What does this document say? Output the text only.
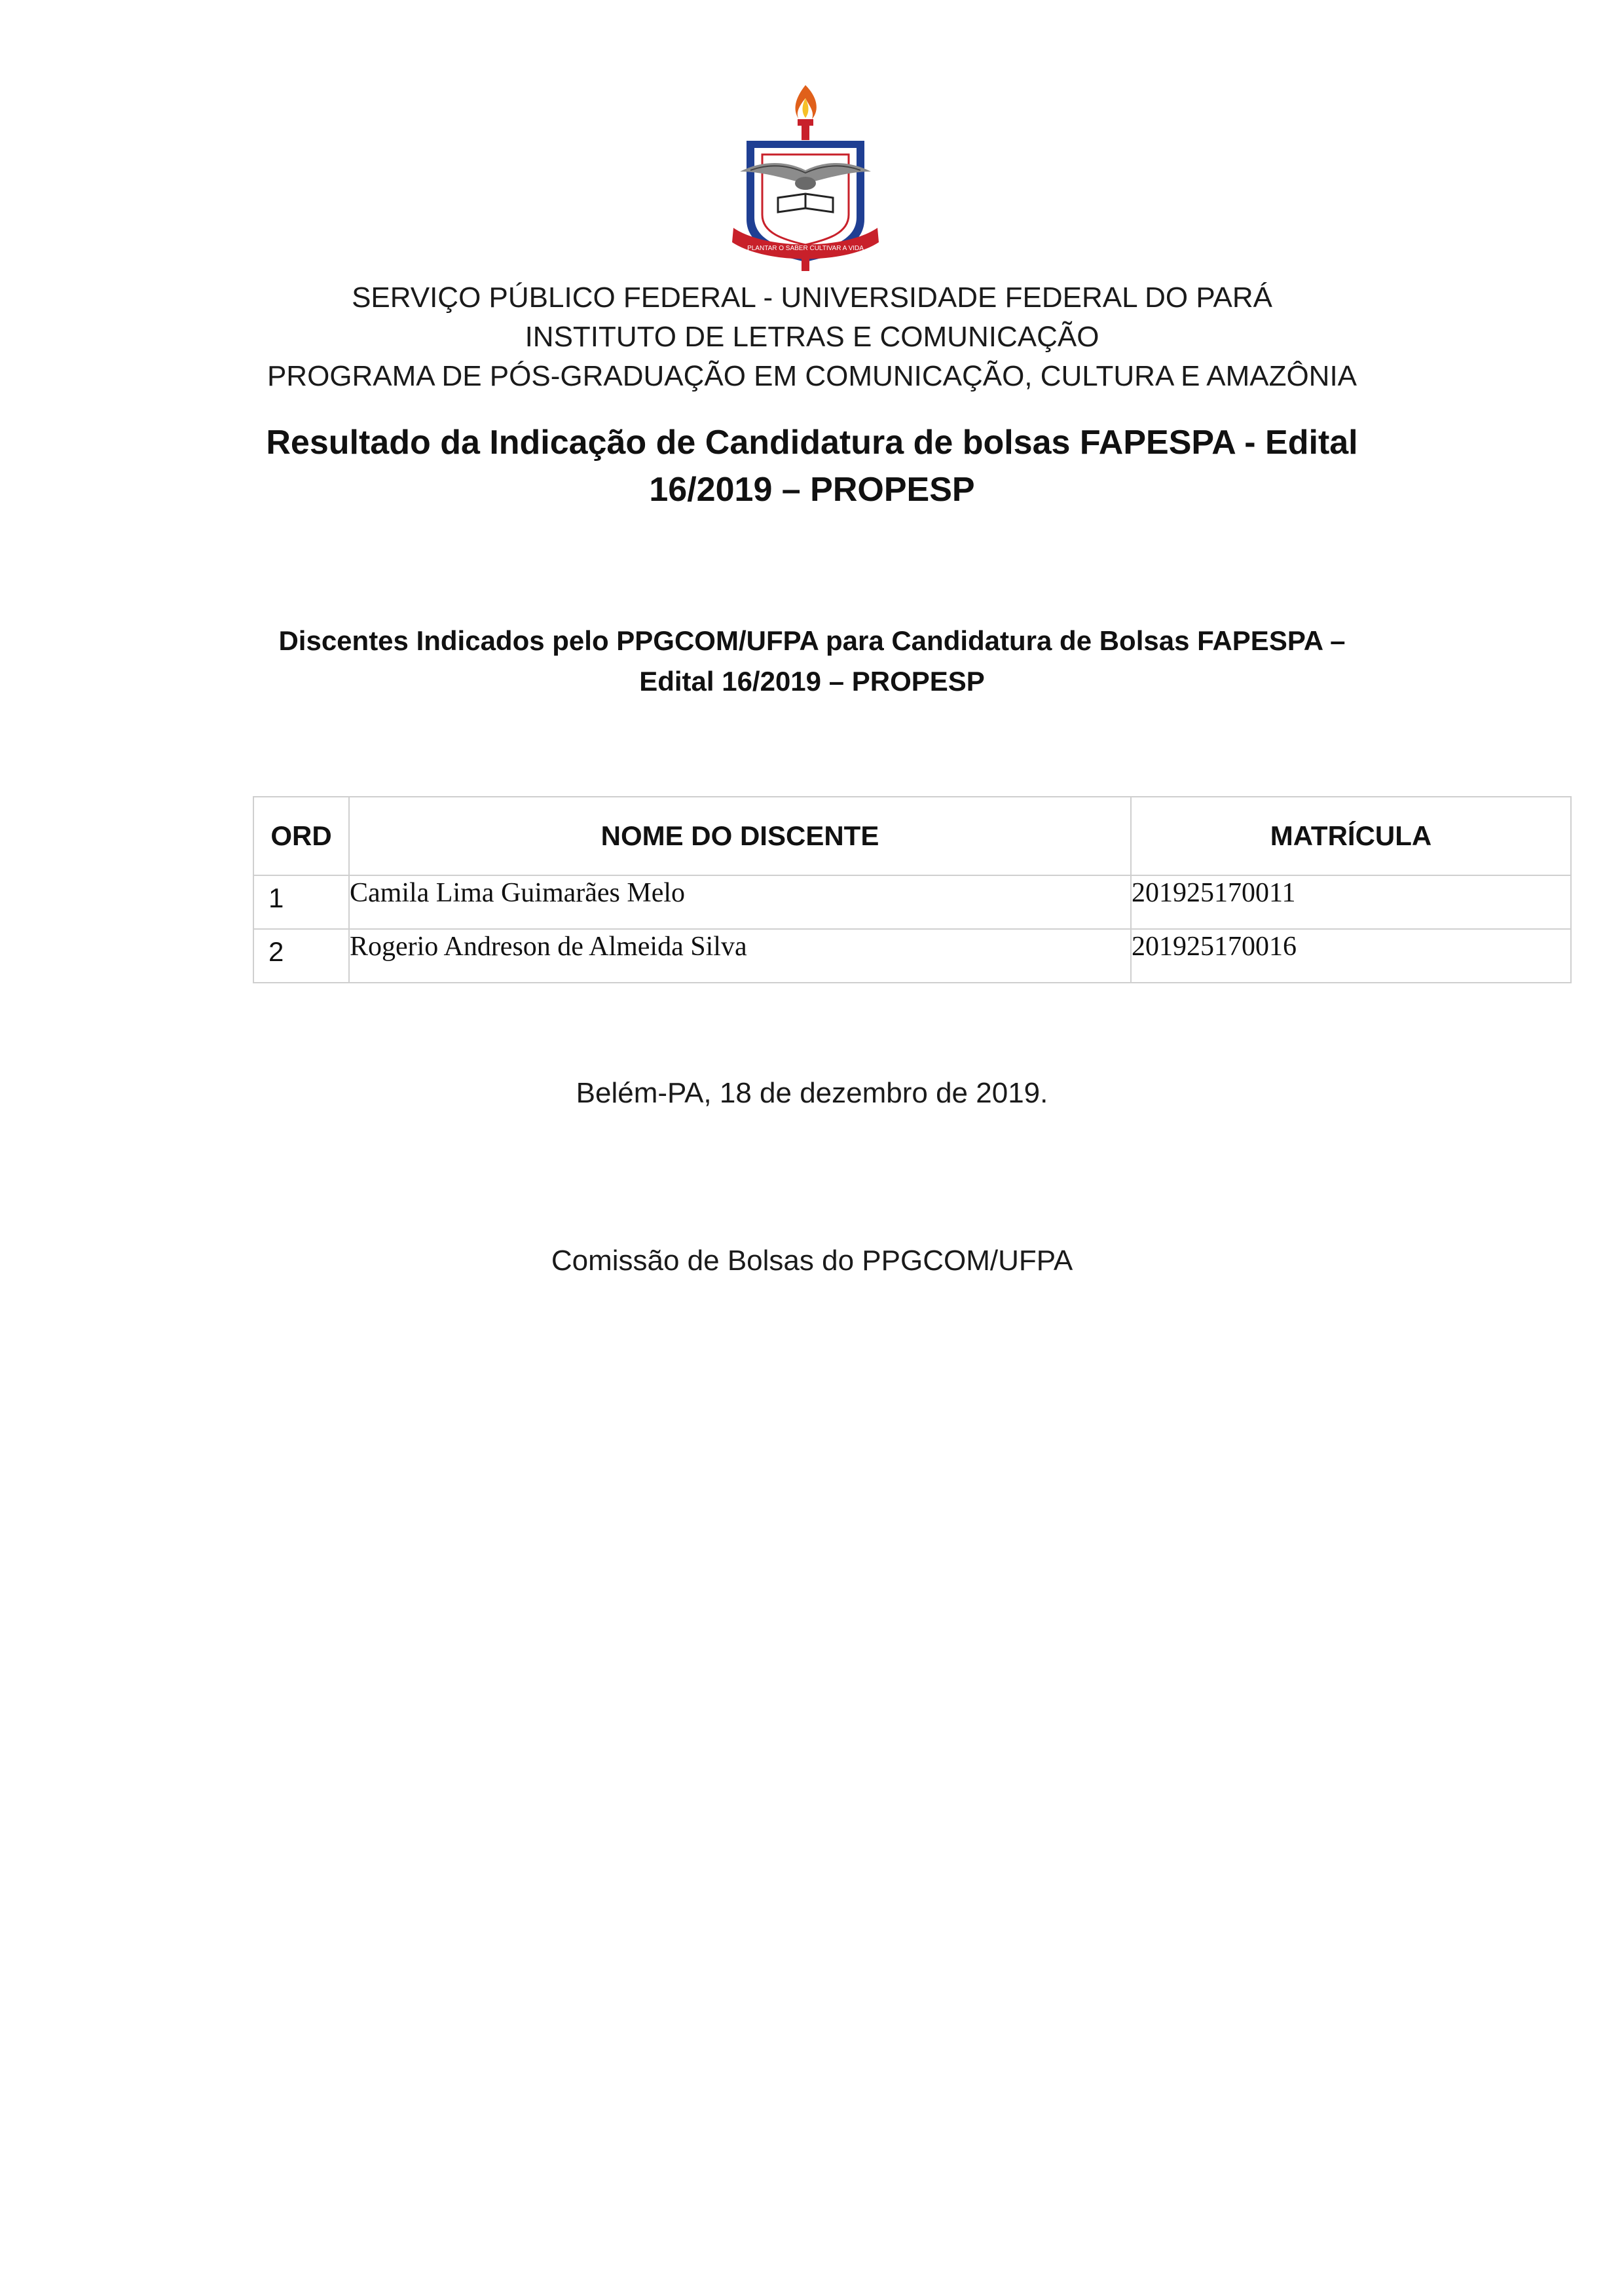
PLANTAR O SABER CULTIVAR A VIDA
SERVIÇO PÚBLICO FEDERAL - UNIVERSIDADE FEDERAL DO PARÁ
INSTITUTO DE LETRAS E COMUNICAÇÃO
PROGRAMA DE PÓS-GRADUAÇÃO EM COMUNICAÇÃO, CULTURA E AMAZÔNIA
Resultado da Indicação de Candidatura de bolsas FAPESPA - Edital
16/2019 – PROPESP
Discentes Indicados pelo PPGCOM/UFPA para Candidatura de Bolsas FAPESPA –
Edital 16/2019 – PROPESP
ORD	NOME DO DISCENTE	MATRÍCULA
1	Camila Lima Guimarães Melo	201925170011
2	Rogerio Andreson de Almeida Silva	201925170016
Belém-PA, 18 de dezembro de 2019.
Comissão de Bolsas do PPGCOM/UFPA
